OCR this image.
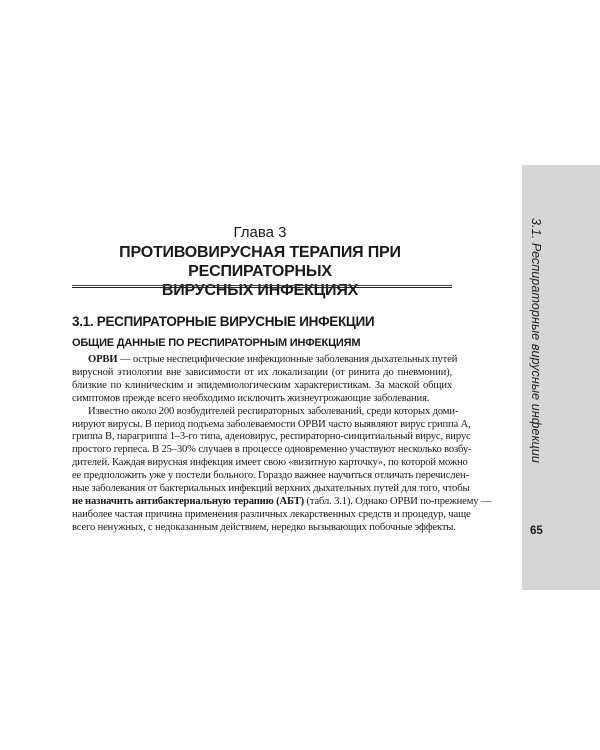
3.1. Респираторные вирусные инфекции
65
Глава 3
ПРОТИВОВИРУСНАЯ ТЕРАПИЯ ПРИ РЕСПИРАТОРНЫХ
ВИРУСНЫХ ИНФЕКЦИЯХ
3.1. РЕСПИРАТОРНЫЕ ВИРУСНЫЕ ИНФЕКЦИИ
ОБЩИЕ ДАННЫЕ ПО РЕСПИРАТОРНЫМ ИНФЕКЦИЯМ
ОРВИ — острые неспецифические инфекционные заболевания дыхательных путей
вирусной этиологии вне зависимости от их локализации (от ринита до пневмонии),
близкие по клиническим и эпидемиологическим характеристикам. За маской общих
симптомов прежде всего необходимо исключить жизнеугрожающие заболевания.
Известно около 200 возбудителей респираторных заболеваний, среди которых доми-
нируют вирусы. В период подъема заболеваемости ОРВИ часто выявляют вирус гриппа А,
гриппа В, парагриппа 1–3-го типа, аденовирус, респираторно-синцитиальный вирус, вирус
простого герпеса. В 25–30% случаев в процессе одновременно участвуют несколько возбу-
дителей. Каждая вирусная инфекция имеет свою «визитную карточку», по которой можно
ее предположить уже у постели больного. Гораздо важнее научиться отличать перечислен-
ные заболевания от бактериальных инфекций верхних дыхательных путей для того, чтобы
не назначить антибактериальную терапию (АБТ) (табл. 3.1). Однако ОРВИ по-прежнему —
наиболее частая причина применения различных лекарственных средств и процедур, чаще
всего ненужных, с недоказанным действием, нередко вызывающих побочные эффекты.
